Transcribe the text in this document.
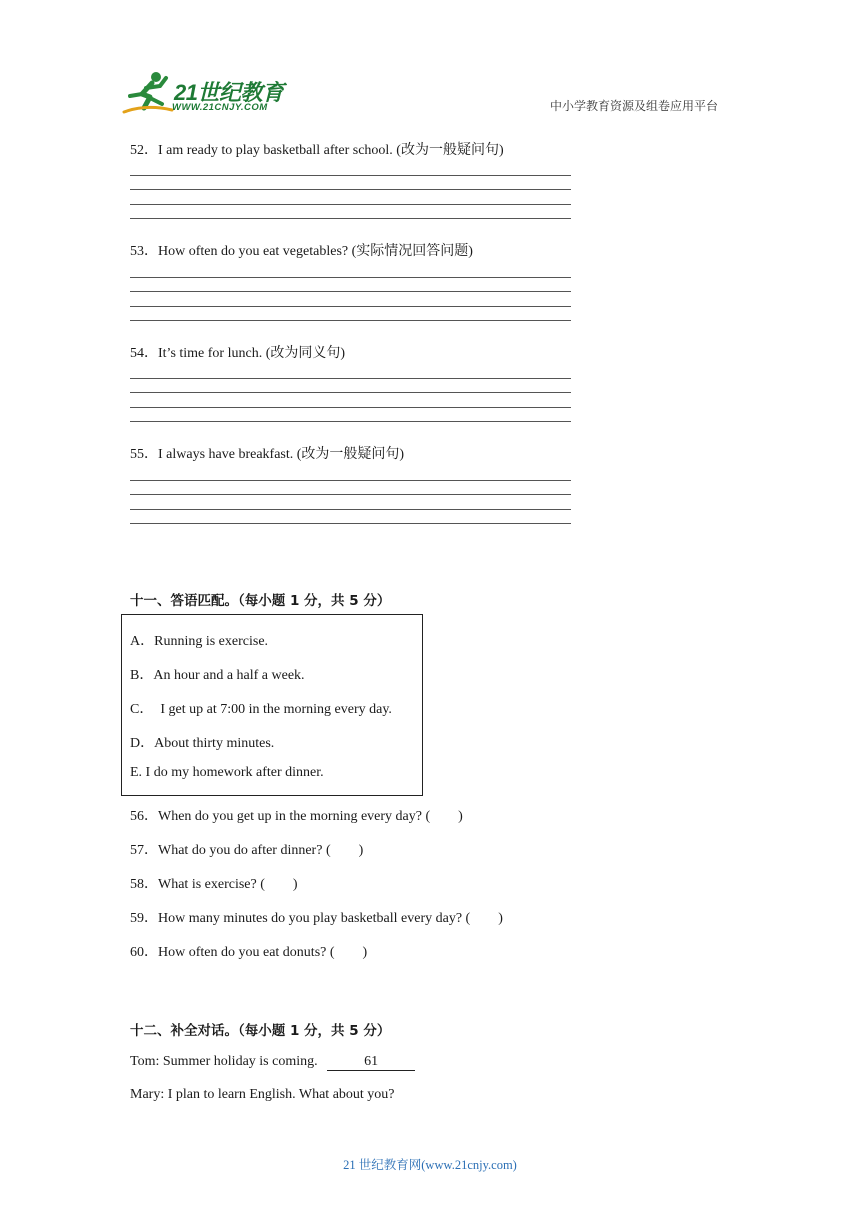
21世纪教育
WWW.21CNJY.COM	中小学教育资源及组卷应用平台
52．I am ready to play basketball after school. (改为一般疑问句)
53．How often do you eat vegetables? (实际情况回答问题)
54．It’s time for lunch. (改为同义句)
55．I always have breakfast. (改为一般疑问句)
十一、答语匹配。（每小题 1 分，共 5 分）
A．Running is exercise.
B．An hour and a half a week.
C．  I get up at 7:00 in the morning every day.
D．About thirty minutes.
E. I do my homework after dinner.
56．When do you get up in the morning every day? (        )
57．What do you do after dinner? (        )
58．What is exercise? (        )
59．How many minutes do you play basketball every day? (        )
60．How often do you eat donuts? (        )
十二、补全对话。（每小题 1 分，共 5 分）
Tom: Summer holiday is coming.	61
Mary: I plan to learn English. What about you?
21 世纪教育网(www.21cnjy.com)
